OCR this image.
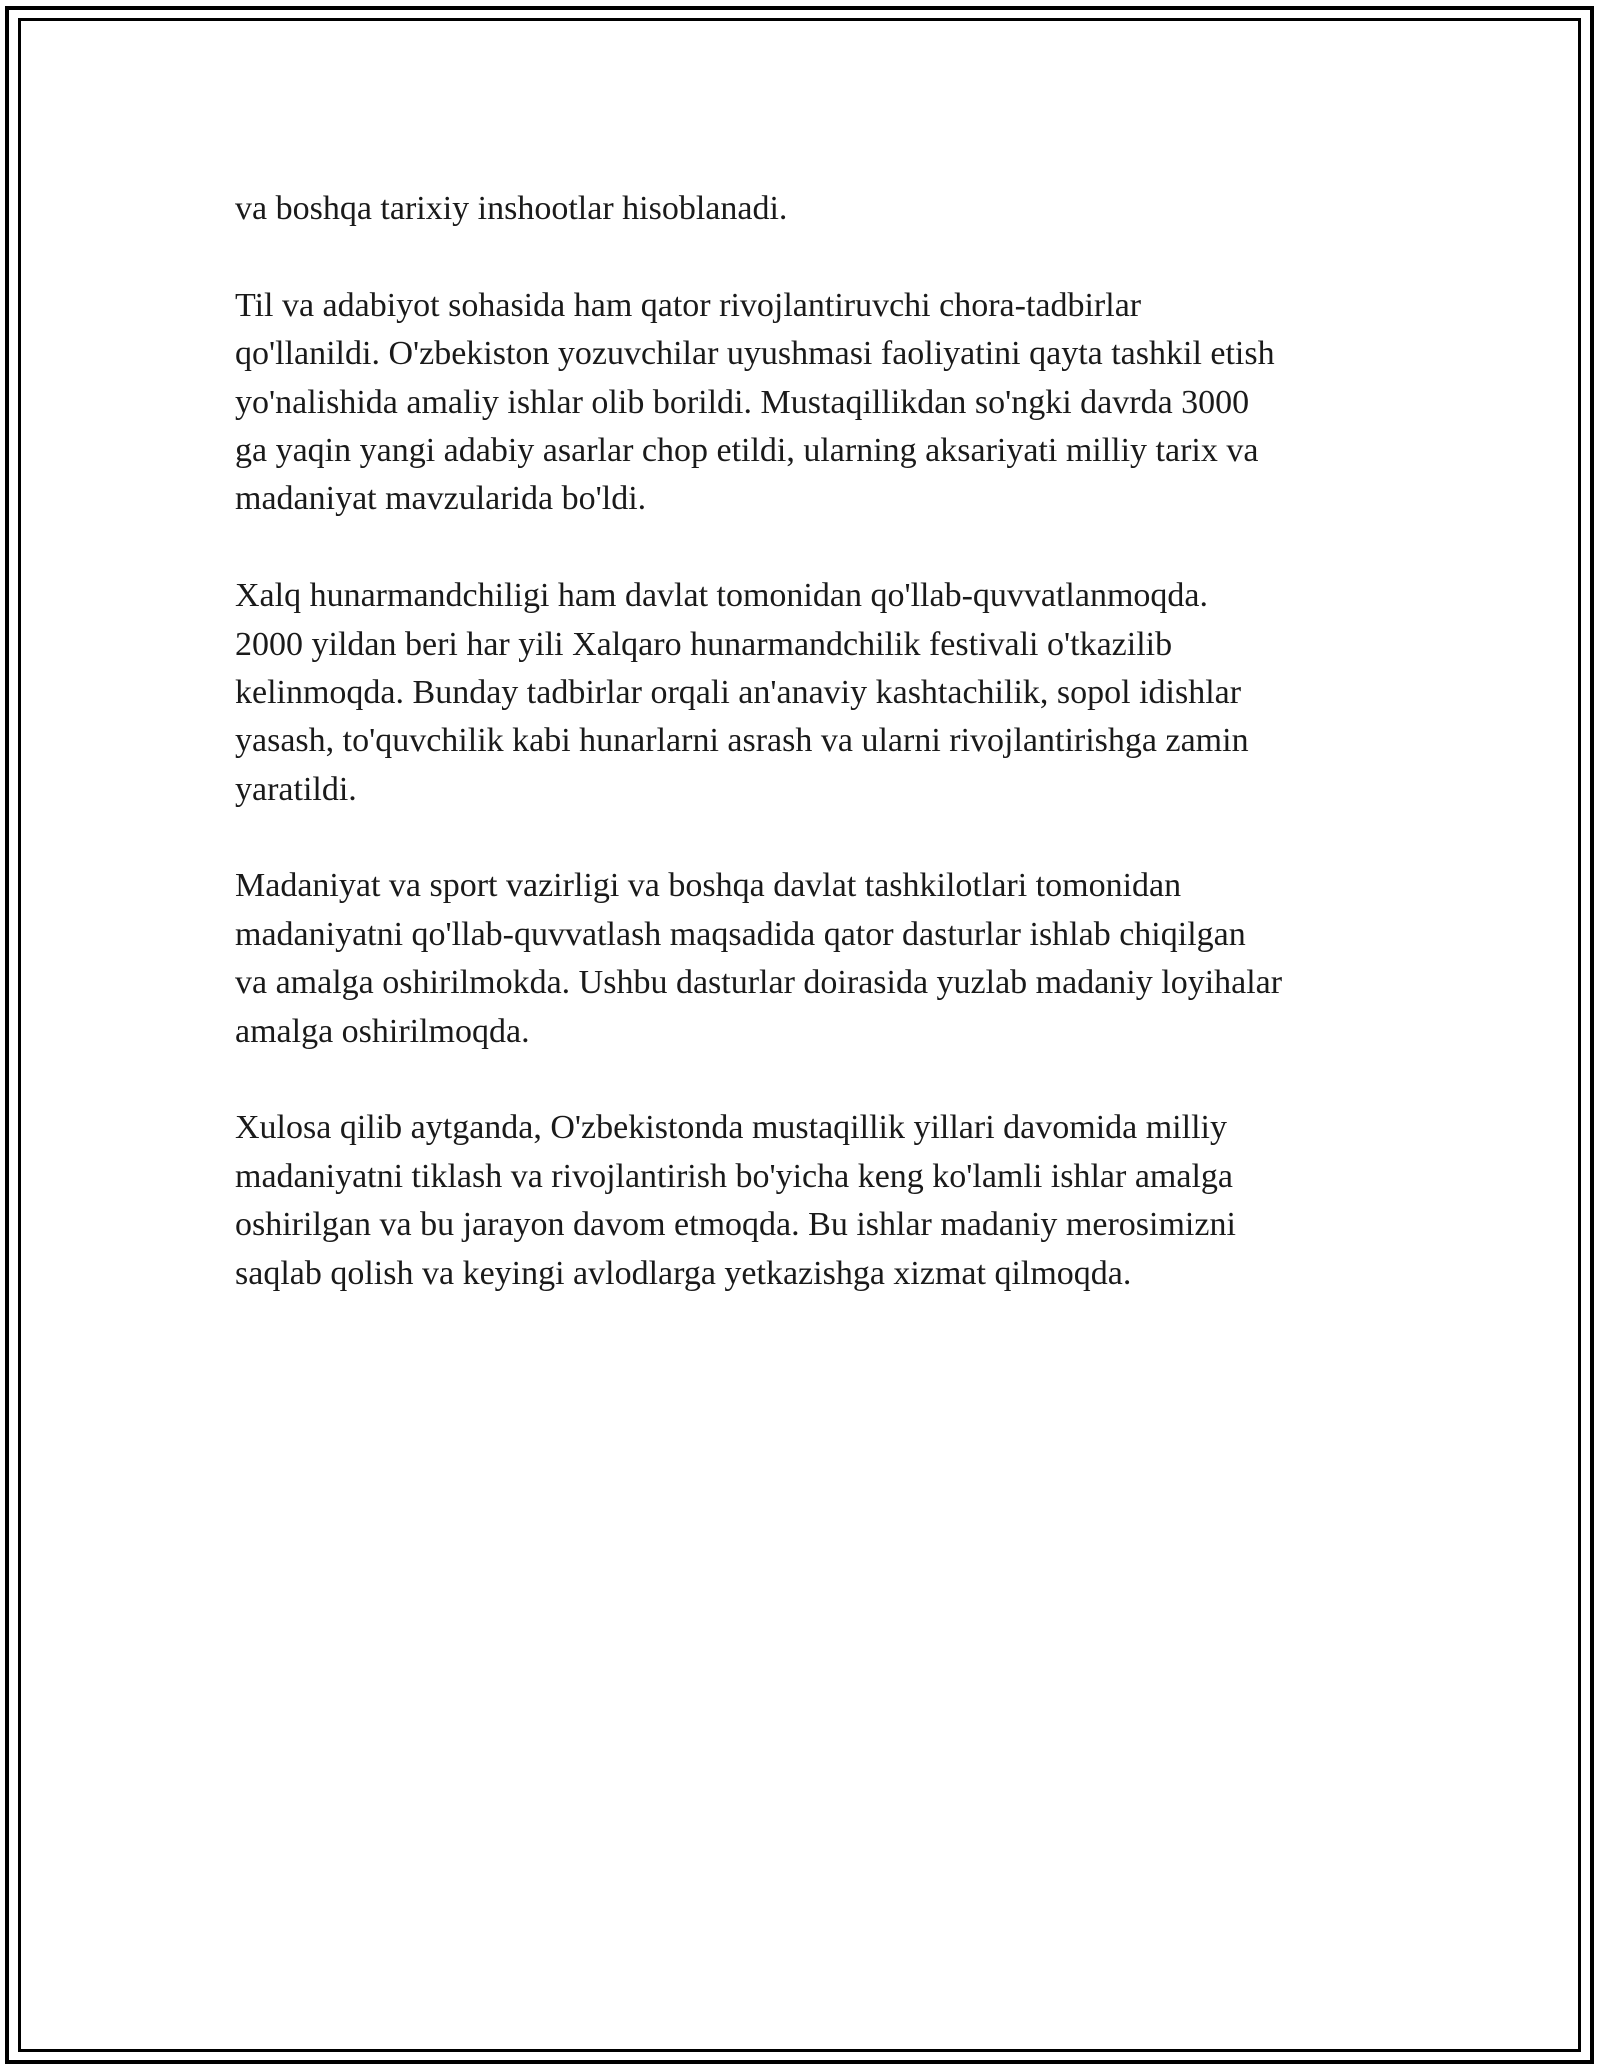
va boshqa tarixiy inshootlar hisoblanadi.

Til va adabiyot sohasida ham qator rivojlantiruvchi chora-tadbirlar
qo'llanildi. O'zbekiston yozuvchilar uyushmasi faoliyatini qayta tashkil etish
yo'nalishida amaliy ishlar olib borildi. Mustaqillikdan so'ngki davrda 3000
ga yaqin yangi adabiy asarlar chop etildi, ularning aksariyati milliy tarix va
madaniyat mavzularida bo'ldi.

Xalq hunarmandchiligi ham davlat tomonidan qo'llab-quvvatlanmoqda.
2000 yildan beri har yili Xalqaro hunarmandchilik festivali o'tkazilib
kelinmoqda. Bunday tadbirlar orqali an'anaviy kashtachilik, sopol idishlar
yasash, to'quvchilik kabi hunarlarni asrash va ularni rivojlantirishga zamin
yaratildi.

Madaniyat va sport vazirligi va boshqa davlat tashkilotlari tomonidan
madaniyatni qo'llab-quvvatlash maqsadida qator dasturlar ishlab chiqilgan
va amalga oshirilmokda. Ushbu dasturlar doirasida yuzlab madaniy loyihalar
amalga oshirilmoqda.

Xulosa qilib aytganda, O'zbekistonda mustaqillik yillari davomida milliy
madaniyatni tiklash va rivojlantirish bo'yicha keng ko'lamli ishlar amalga
oshirilgan va bu jarayon davom etmoqda. Bu ishlar madaniy merosimizni
saqlab qolish va keyingi avlodlarga yetkazishga xizmat qilmoqda.
